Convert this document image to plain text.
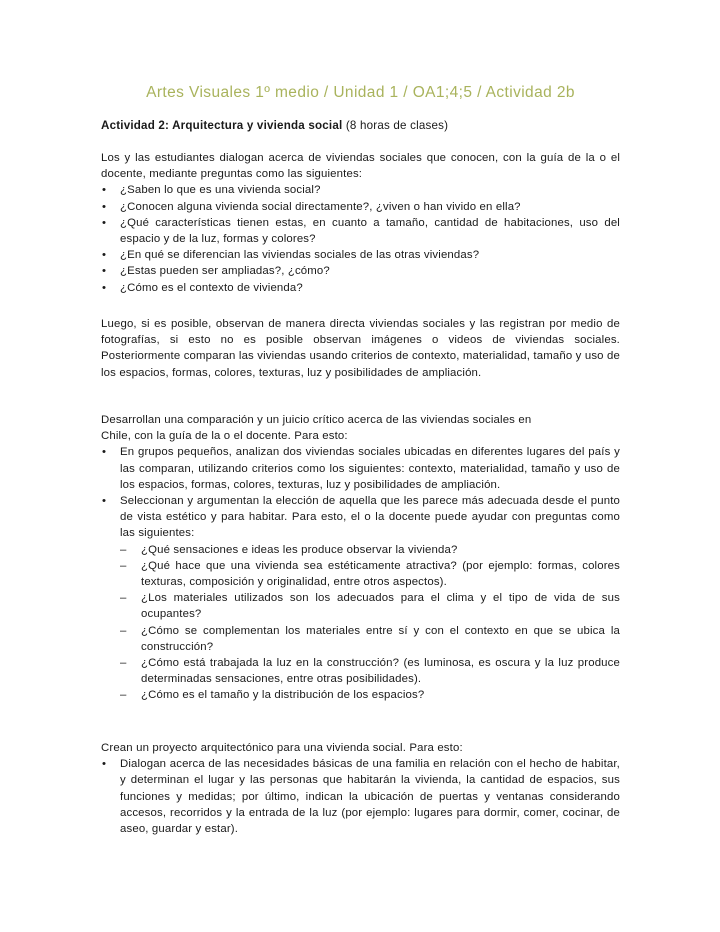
Artes Visuales 1º medio / Unidad 1 / OA1;4;5 / Actividad 2b
Actividad 2: Arquitectura y vivienda social (8 horas de clases)

Los y las estudiantes dialogan acerca de viviendas sociales que conocen, con la guía de la o el docente, mediante preguntas como las siguientes:

• ¿Saben lo que es una vivienda social?
• ¿Conocen alguna vivienda social directamente?, ¿viven o han vivido en ella?
• ¿Qué características tienen estas, en cuanto a tamaño, cantidad de habitaciones, uso del espacio y de la luz, formas y colores?
• ¿En qué se diferencian las viviendas sociales de las otras viviendas?
• ¿Estas pueden ser ampliadas?, ¿cómo?
• ¿Cómo es el contexto de vivienda?

Luego, si es posible, observan de manera directa viviendas sociales y las registran por medio de fotografías, si esto no es posible observan imágenes o videos de viviendas sociales. Posteriormente comparan las viviendas usando criterios de contexto, materialidad, tamaño y uso de los espacios, formas, colores, texturas, luz y posibilidades de ampliación.

Desarrollan una comparación y un juicio crítico acerca de las viviendas sociales en
Chile, con la guía de la o el docente. Para esto:

• En grupos pequeños, analizan dos viviendas sociales ubicadas en diferentes lugares del país y las comparan, utilizando criterios como los siguientes: contexto, materialidad, tamaño y uso de los espacios, formas, colores, texturas, luz y posibilidades de ampliación.
• Seleccionan y argumentan la elección de aquella que les parece más adecuada desde el punto de vista estético y para habitar. Para esto, el o la docente puede ayudar con preguntas como las siguientes:
– ¿Qué sensaciones e ideas les produce observar la vivienda?
– ¿Qué hace que una vivienda sea estéticamente atractiva? (por ejemplo: formas, colores texturas, composición y originalidad, entre otros aspectos).
– ¿Los materiales utilizados son los adecuados para el clima y el tipo de vida de sus ocupantes?
– ¿Cómo se complementan los materiales entre sí y con el contexto en que se ubica la construcción?
– ¿Cómo está trabajada la luz en la construcción? (es luminosa, es oscura y la luz produce determinadas sensaciones, entre otras posibilidades).
– ¿Cómo es el tamaño y la distribución de los espacios?

Crean un proyecto arquitectónico para una vivienda social. Para esto:

• Dialogan acerca de las necesidades básicas de una familia en relación con el hecho de habitar, y determinan el lugar y las personas que habitarán la vivienda, la cantidad de espacios, sus funciones y medidas; por último, indican la ubicación de puertas y ventanas considerando accesos, recorridos y la entrada de la luz (por ejemplo: lugares para dormir, comer, cocinar, de aseo, guardar y estar).
